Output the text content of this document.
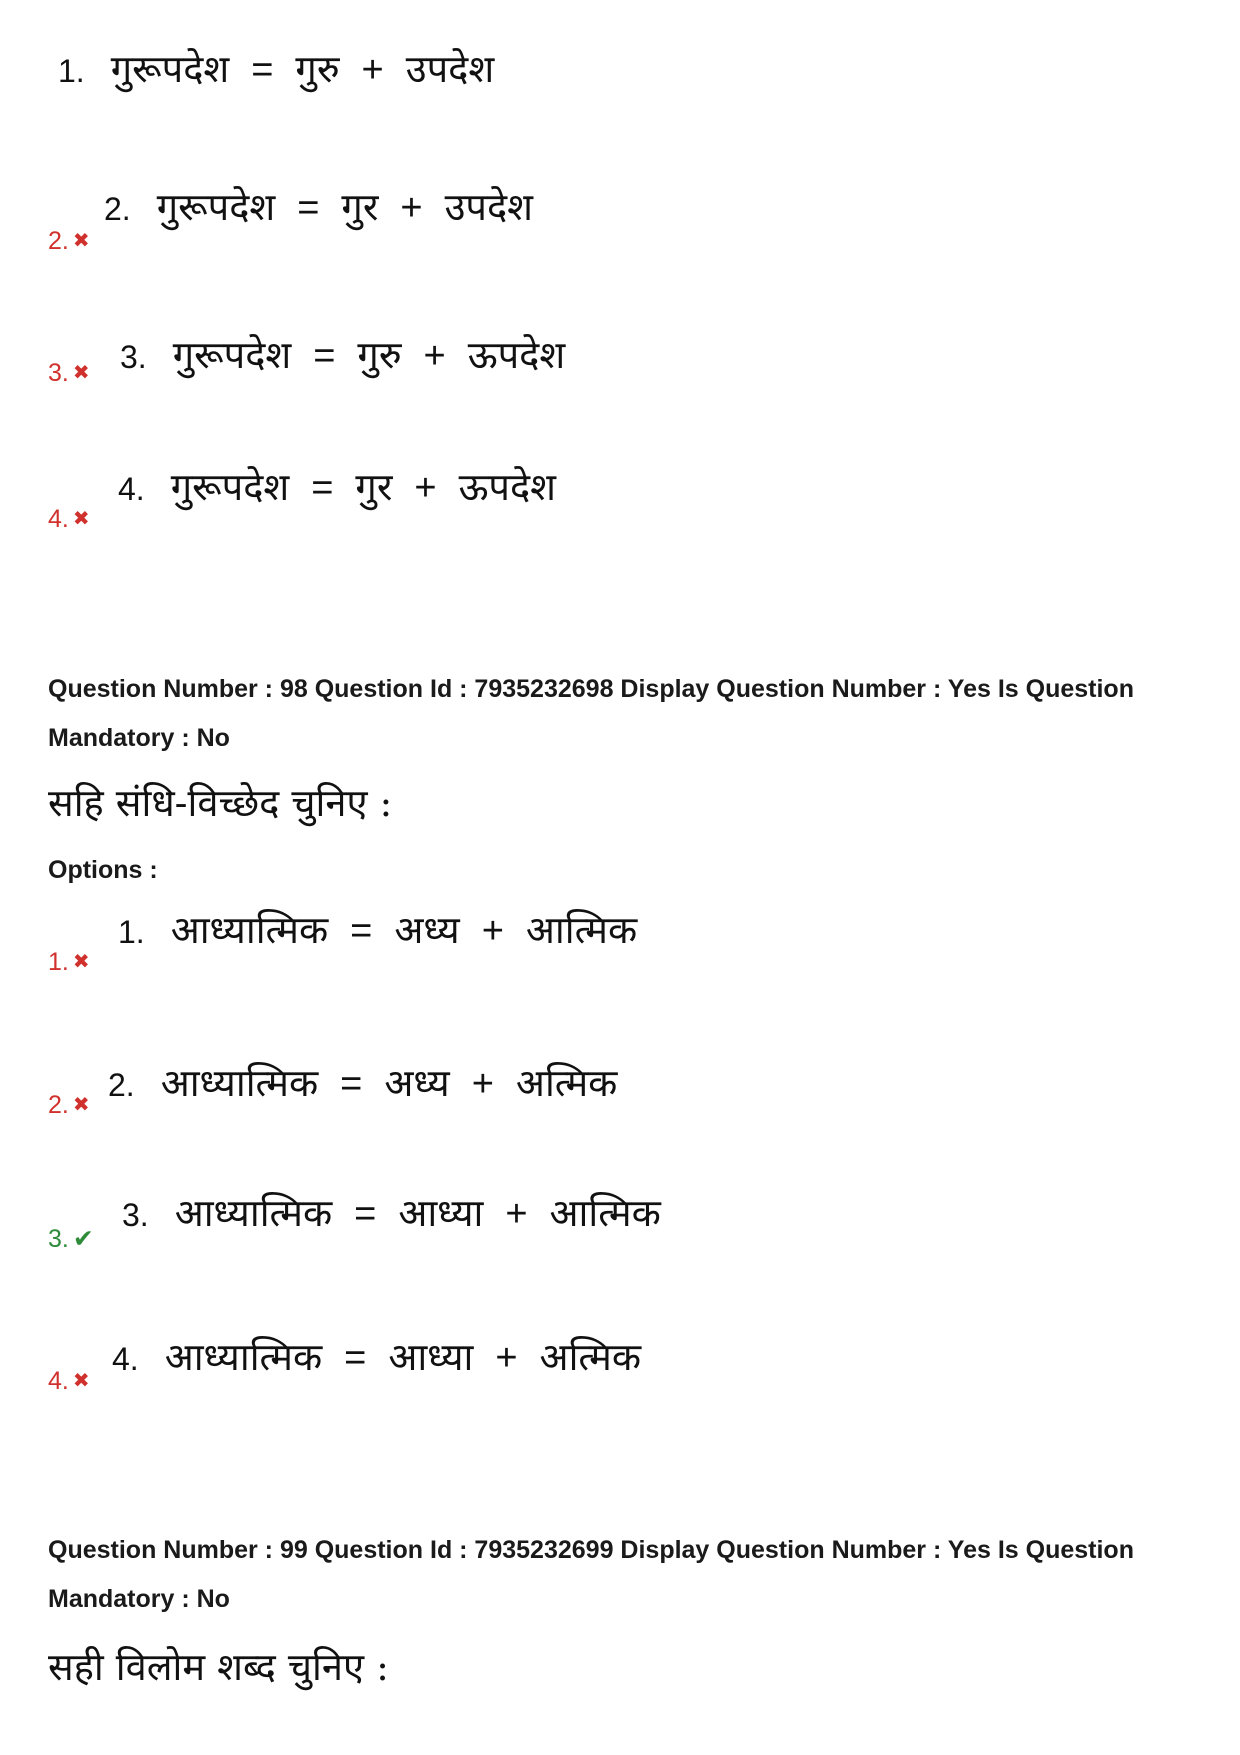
1. गुरूपदेश = गुरु + उपदेश
2. ✖
2. गुरूपदेश = गुर + उपदेश
3. ✖ 3. गुरूपदेश = गुरु + ऊपदेश
4. ✖
4. गुरूपदेश = गुर + ऊपदेश
Question Number : 98 Question Id : 7935232698 Display Question Number : Yes Is Question
Mandatory : No
सहि संधि-विच्छेद चुनिए :
Options :
1. ✖
1. आध्यात्मिक = अध्य + आत्मिक
2. ✖
2. आध्यात्मिक = अध्य + अत्मिक
3. ✔
3. आध्यात्मिक = आध्या + आत्मिक
4. ✖
4. आध्यात्मिक = आध्या + अत्मिक
Question Number : 99 Question Id : 7935232699 Display Question Number : Yes Is Question
Mandatory : No
सही विलोम शब्द चुनिए :
